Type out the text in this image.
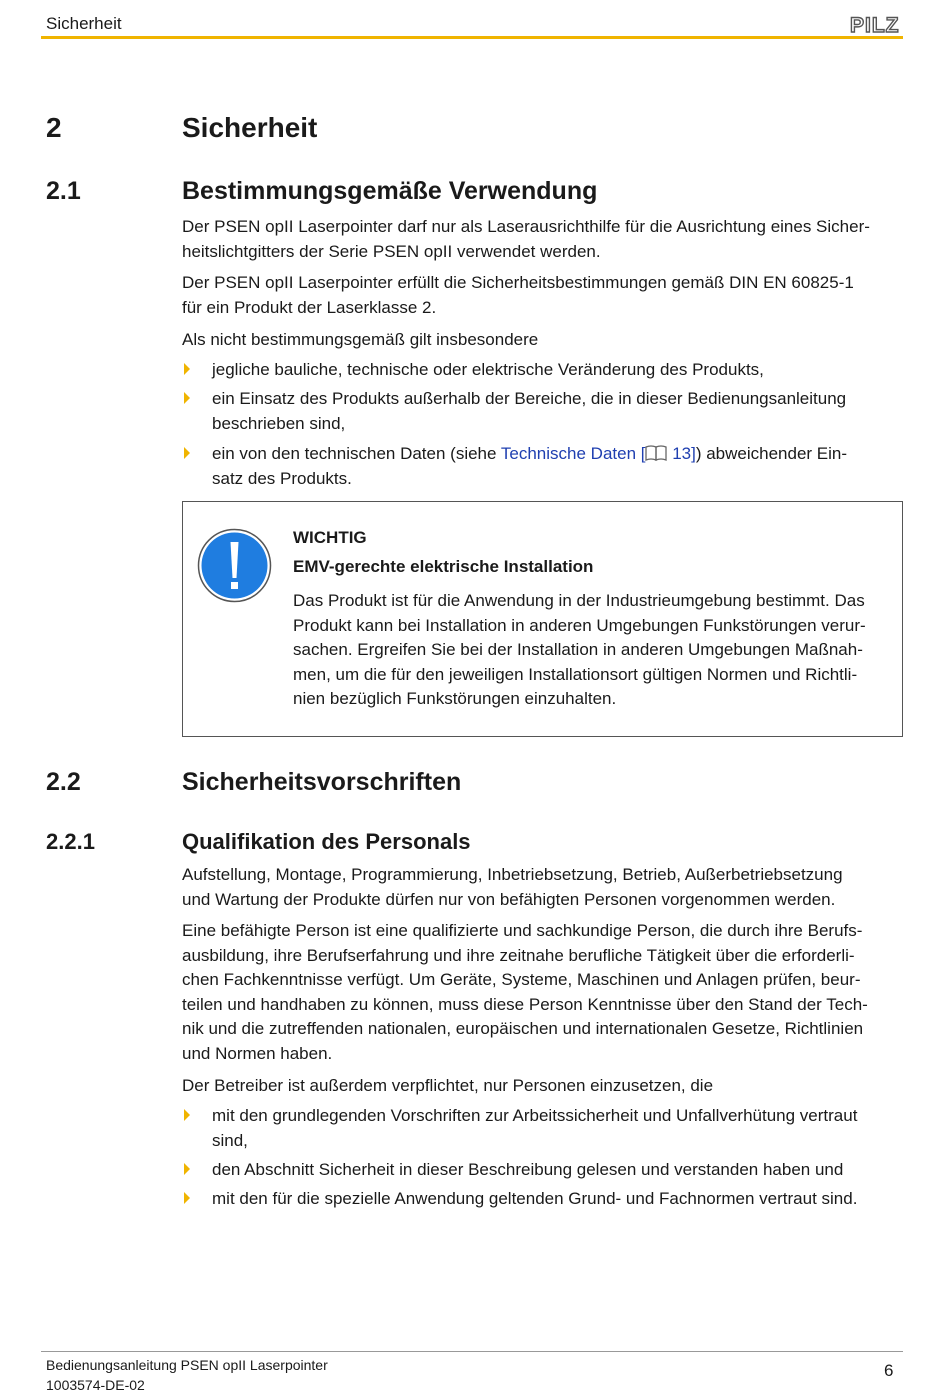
Sicherheit	PILZ
2	Sicherheit
2.1	Bestimmungsgemäße Verwendung

Der PSEN opII Laserpointer darf nur als Laserausrichthilfe für die Ausrichtung eines Sicher-

heitslichtgitters der Serie PSEN opII verwendet werden.

Der PSEN opII Laserpointer erfüllt die Sicherheitsbestimmungen gemäß DIN EN 60825-1

für ein Produkt der Laserklasse 2.

Als nicht bestimmungsgemäß gilt insbesondere
jegliche bauliche, technische oder elektrische Veränderung des Produkts,
ein Einsatz des Produkts außerhalb der Bereiche, die in dieser Bedienungsanleitung
beschrieben sind,
ein von den technischen Daten (siehe Technische Daten [ 13]) abweichender Ein-
satz des Produkts.
WICHTIG
EMV-gerechte elektrische Installation
Das Produkt ist für die Anwendung in der Industrieumgebung bestimmt. Das
Produkt kann bei Installation in anderen Umgebungen Funkstörungen verur-
sachen. Ergreifen Sie bei der Installation in anderen Umgebungen Maßnah-
men, um die für den jeweiligen Installationsort gültigen Normen und Richtli-
nien bezüglich Funkstörungen einzuhalten.
2.2	Sicherheitsvorschriften
2.2.1	Qualifikation des Personals

Aufstellung, Montage, Programmierung, Inbetriebsetzung, Betrieb, Außerbetriebsetzung

und Wartung der Produkte dürfen nur von befähigten Personen vorgenommen werden.

Eine befähigte Person ist eine qualifizierte und sachkundige Person, die durch ihre Berufs-

ausbildung, ihre Berufserfahrung und ihre zeitnahe berufliche Tätigkeit über die erforderli-

chen Fachkenntnisse verfügt. Um Geräte, Systeme, Maschinen und Anlagen prüfen, beur-

teilen und handhaben zu können, muss diese Person Kenntnisse über den Stand der Tech-

nik und die zutreffenden nationalen, europäischen und internationalen Gesetze, Richtlinien

und Normen haben.

Der Betreiber ist außerdem verpflichtet, nur Personen einzusetzen, die
mit den grundlegenden Vorschriften zur Arbeitssicherheit und Unfallverhütung vertraut
sind,
den Abschnitt Sicherheit in dieser Beschreibung gelesen und verstanden haben und
mit den für die spezielle Anwendung geltenden Grund- und Fachnormen vertraut sind.
Bedienungsanleitung PSEN opII Laserpointer
1003574-DE-02
6
